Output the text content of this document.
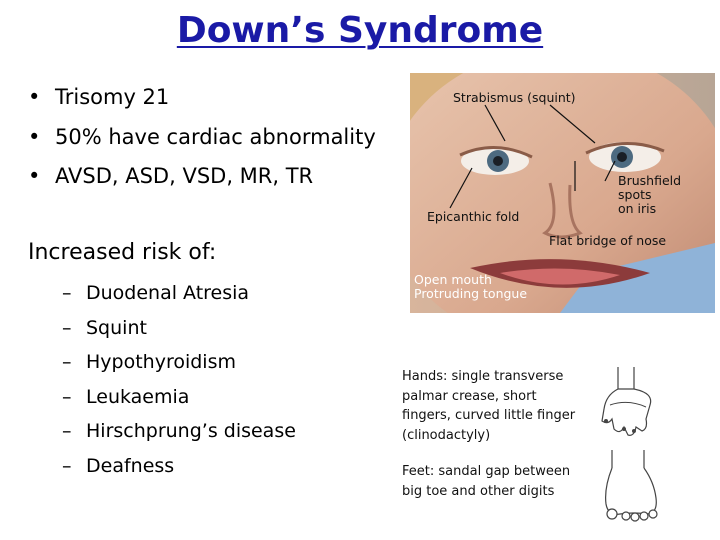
Down’s Syndrome
• Trisomy 21
• 50% have cardiac abnormality
• AVSD, ASD, VSD, MR, TR
Increased risk of:
– Duodenal Atresia
– Squint
– Hypothyroidism
– Leukaemia
– Hirschprung’s disease
– Deafness
Strabismus (squint)
Brushfield
spots
on iris
Epicanthic fold
Flat bridge of nose
Open mouth
Protruding tongue
Hands: single transverse
palmar crease, short
fingers, curved little finger
(clinodactyly)
Feet: sandal gap between
big toe and other digits
